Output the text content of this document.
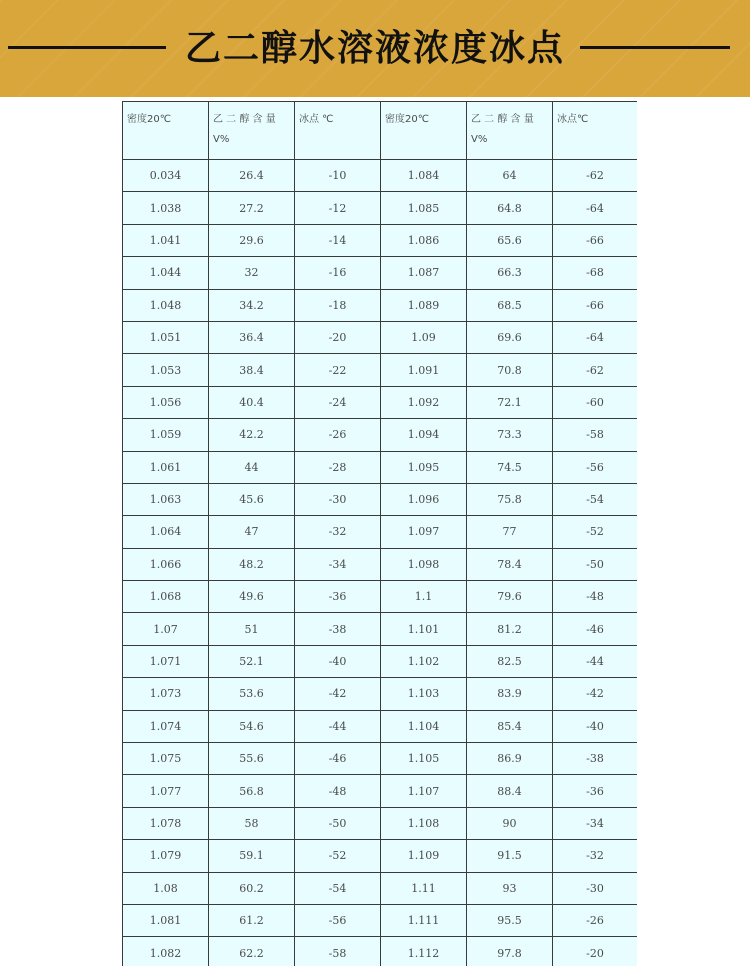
乙二醇水溶液浓度冰点
密度20℃	乙 二 醇 含 量 V%	冰点 ℃	密度20℃	乙 二 醇 含 量 V%	冰点℃
0.034	26.4	-10	1.084	64	-62
1.038	27.2	-12	1.085	64.8	-64
1.041	29.6	-14	1.086	65.6	-66
1.044	32	-16	1.087	66.3	-68
1.048	34.2	-18	1.089	68.5	-66
1.051	36.4	-20	1.09	69.6	-64
1.053	38.4	-22	1.091	70.8	-62
1.056	40.4	-24	1.092	72.1	-60
1.059	42.2	-26	1.094	73.3	-58
1.061	44	-28	1.095	74.5	-56
1.063	45.6	-30	1.096	75.8	-54
1.064	47	-32	1.097	77	-52
1.066	48.2	-34	1.098	78.4	-50
1.068	49.6	-36	1.1	79.6	-48
1.07	51	-38	1.101	81.2	-46
1.071	52.1	-40	1.102	82.5	-44
1.073	53.6	-42	1.103	83.9	-42
1.074	54.6	-44	1.104	85.4	-40
1.075	55.6	-46	1.105	86.9	-38
1.077	56.8	-48	1.107	88.4	-36
1.078	58	-50	1.108	90	-34
1.079	59.1	-52	1.109	91.5	-32
1.08	60.2	-54	1.11	93	-30
1.081	61.2	-56	1.111	95.5	-26
1.082	62.2	-58	1.112	97.8	-20
